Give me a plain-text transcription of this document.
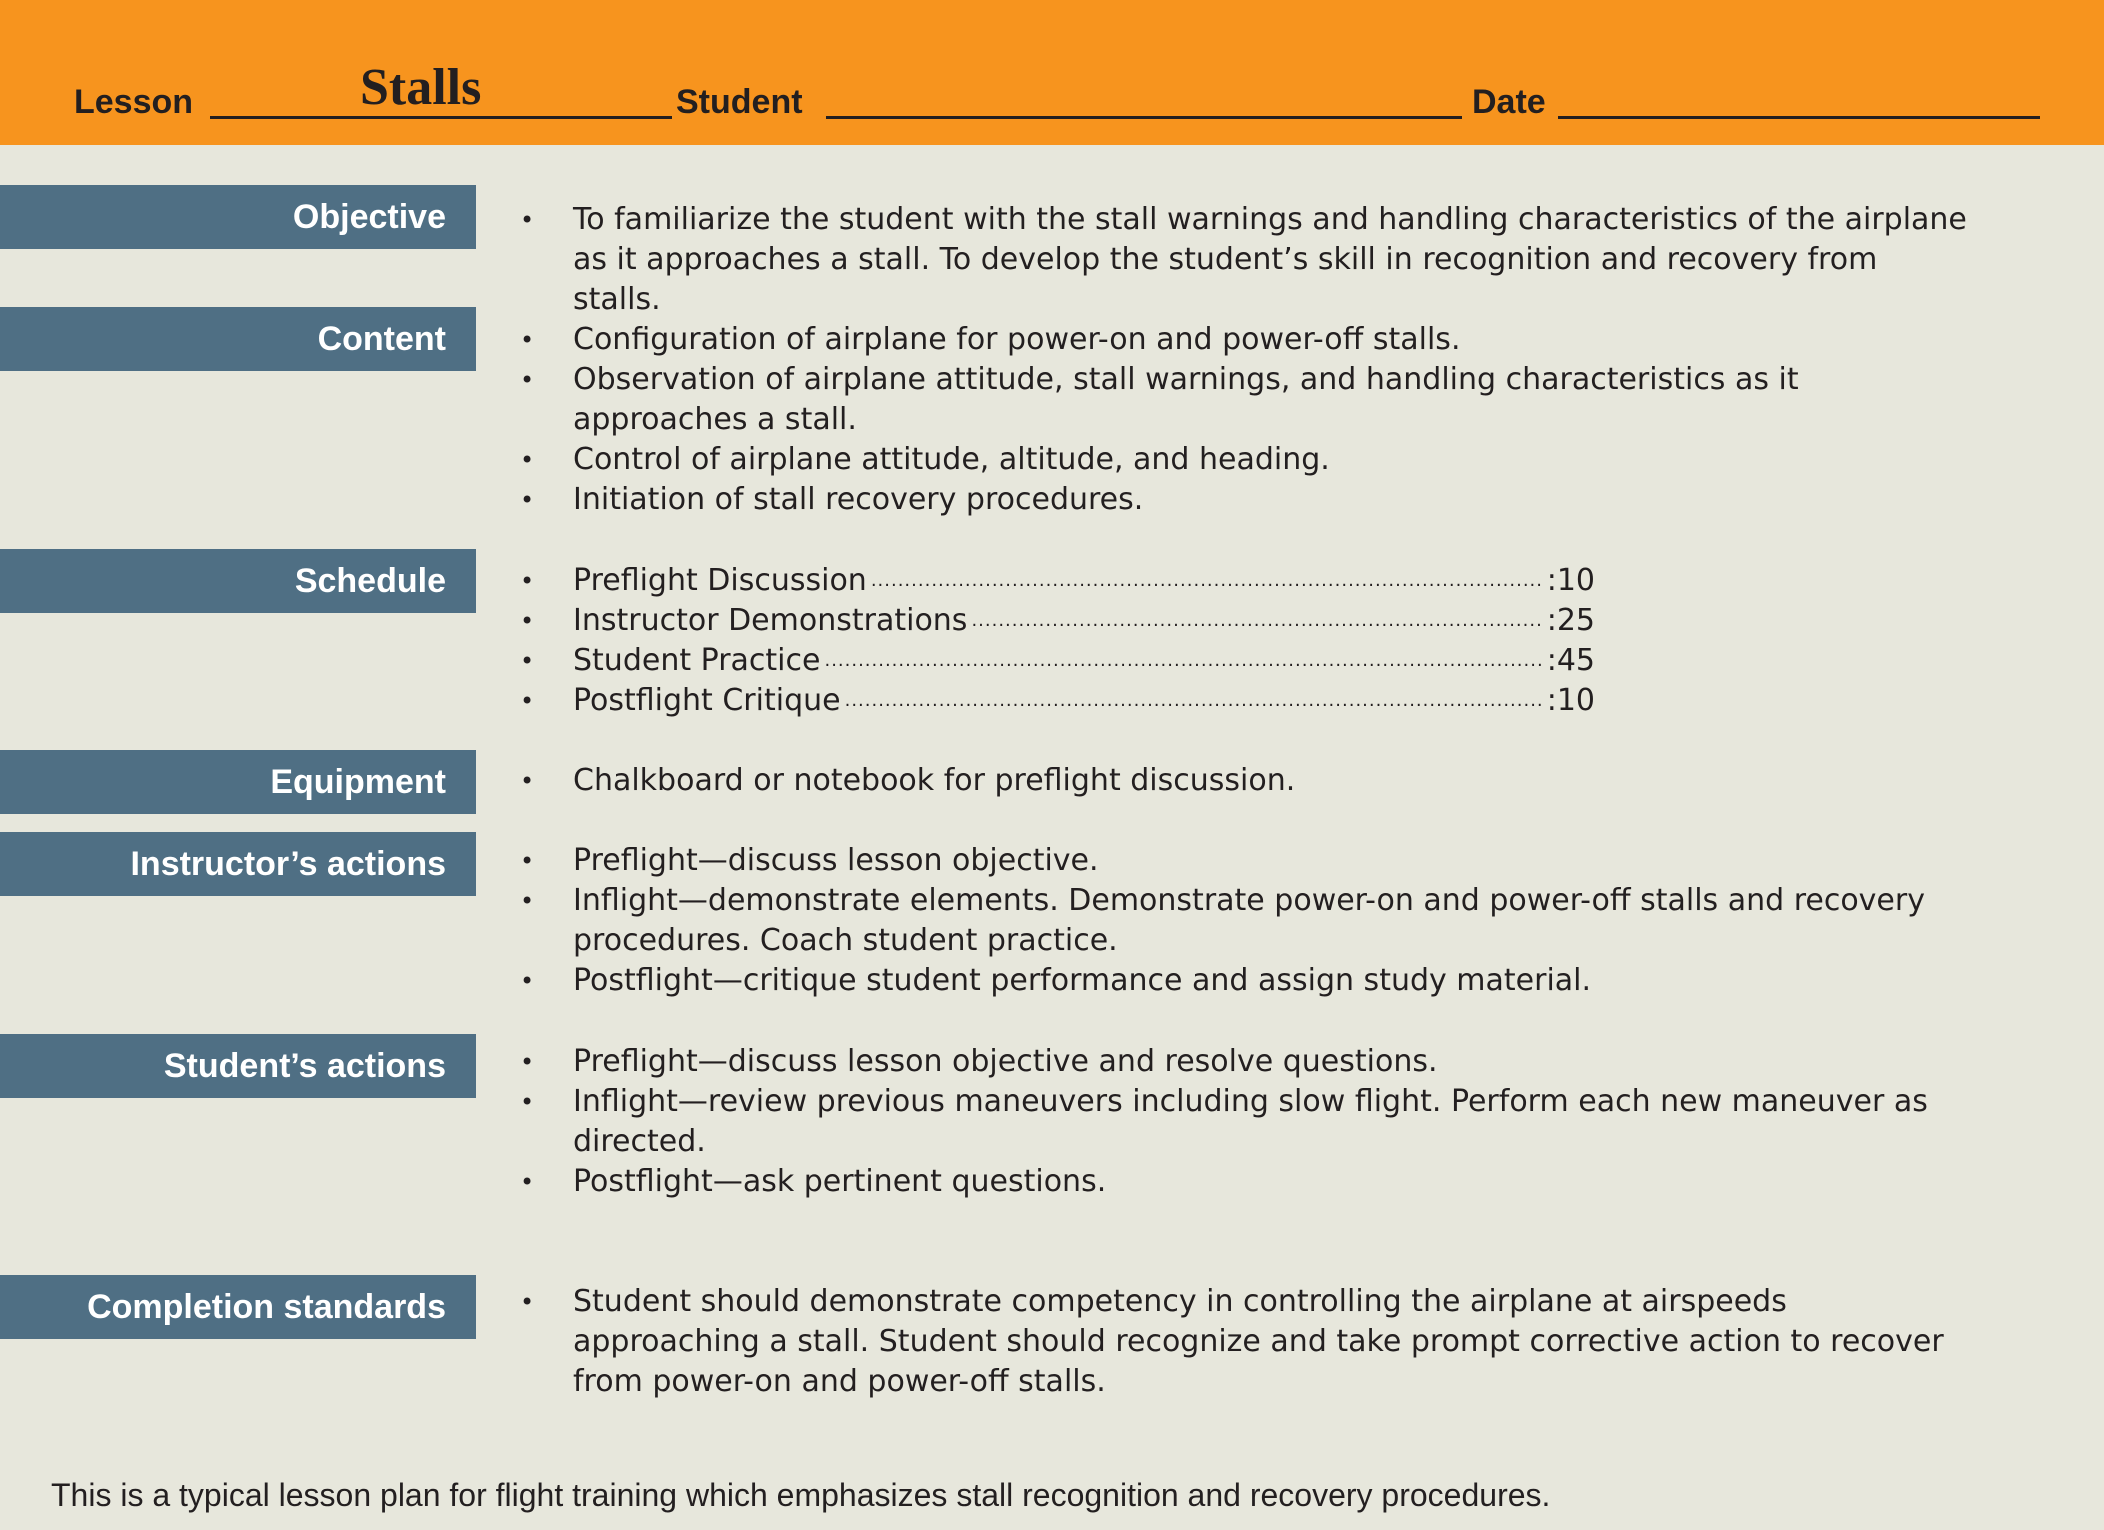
Lesson	Stalls	Student	Date
Objective	• To familiarize the student with the stall warnings and handling characteristics of the airplane as it approaches a stall. To develop the student’s skill in recognition and recovery from stalls.
Content	• Configuration of airplane for power-on and power-off stalls.
• Observation of airplane attitude, stall warnings, and handling characteristics as it approaches a stall.
• Control of airplane attitude, altitude, and heading.
• Initiation of stall recovery procedures.
Schedule	• Preflight Discussion .....	:10
• Instructor Demonstrations .....	:25
• Student Practice .....	:45
• Postflight Critique .....	:10
Equipment	• Chalkboard or notebook for preflight discussion.
Instructor’s actions	• Preflight—discuss lesson objective.
• Inflight—demonstrate elements. Demonstrate power-on and power-off stalls and recovery procedures. Coach student practice.
• Postflight—critique student performance and assign study material.
Student’s actions	• Preflight—discuss lesson objective and resolve questions.
• Inflight—review previous maneuvers including slow flight. Perform each new maneuver as directed.
• Postflight—ask pertinent questions.
Completion standards	• Student should demonstrate competency in controlling the airplane at airspeeds approaching a stall. Student should recognize and take prompt corrective action to recover from power-on and power-off stalls.
This is a typical lesson plan for flight training which emphasizes stall recognition and recovery procedures.
